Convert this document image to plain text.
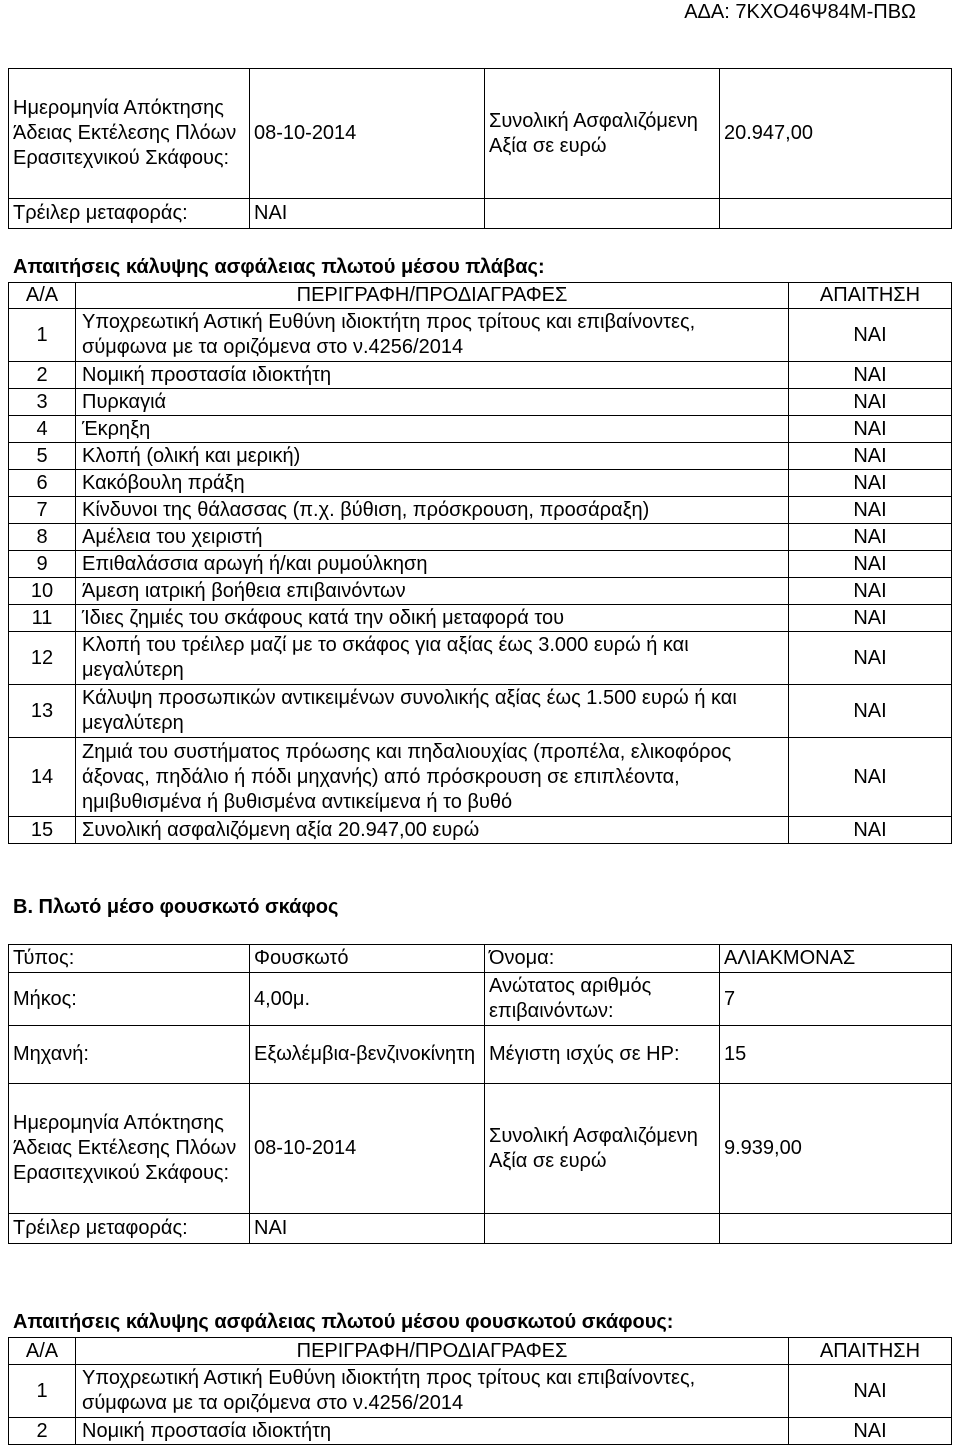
ΑΔΑ: 7ΚΧΟ46Ψ84Μ-ΠΒΩ
Ημερομηνία Απόκτησης Άδειας Εκτέλεσης Πλόων Ερασιτεχνικού Σκάφους:	08-10-2014	Συνολική Ασφαλιζόμενη Αξία σε ευρώ	20.947,00
Τρέιλερ μεταφοράς:	ΝΑΙ		
Απαιτήσεις κάλυψης ασφάλειας πλωτού μέσου πλάβας:
Α/Α	ΠΕΡΙΓΡΑΦΗ/ΠΡΟΔΙΑΓΡΑΦΕΣ	ΑΠΑΙΤΗΣΗ
1	Υποχρεωτική Αστική Ευθύνη ιδιοκτήτη προς τρίτους και επιβαίνοντες, σύμφωνα με τα οριζόμενα στο ν.4256/2014	ΝΑΙ
2	Νομική προστασία ιδιοκτήτη	ΝΑΙ
3	Πυρκαγιά	ΝΑΙ
4	Έκρηξη	ΝΑΙ
5	Κλοπή (ολική και μερική)	ΝΑΙ
6	Κακόβουλη πράξη	ΝΑΙ
7	Κίνδυνοι της θάλασσας (π.χ. βύθιση, πρόσκρουση, προσάραξη)	ΝΑΙ
8	Αμέλεια του χειριστή	ΝΑΙ
9	Επιθαλάσσια αρωγή ή/και ρυμούλκηση	ΝΑΙ
10	Άμεση ιατρική βοήθεια επιβαινόντων	ΝΑΙ
11	Ίδιες ζημιές του σκάφους κατά την οδική μεταφορά του	ΝΑΙ
12	Κλοπή του τρέιλερ μαζί με το σκάφος για αξίας έως 3.000 ευρώ ή και μεγαλύτερη	ΝΑΙ
13	Κάλυψη προσωπικών αντικειμένων συνολικής αξίας έως 1.500 ευρώ ή και μεγαλύτερη	ΝΑΙ
14	Ζημιά του συστήματος πρόωσης και πηδαλιουχίας (προπέλα, ελικοφόρος άξονας, πηδάλιο ή πόδι μηχανής) από πρόσκρουση σε επιπλέοντα, ημιβυθισμένα ή βυθισμένα αντικείμενα ή το βυθό	ΝΑΙ
15	Συνολική ασφαλιζόμενη αξία 20.947,00 ευρώ	ΝΑΙ
Β. Πλωτό μέσο φουσκωτό σκάφος
Τύπος:	Φουσκωτό	Όνομα:	ΑΛΙΑΚΜΟΝΑΣ
Μήκος:	4,00μ.	Ανώτατος αριθμός επιβαινόντων:	7
Μηχανή:	Εξωλέμβια-βενζινοκίνητη	Μέγιστη ισχύς σε HP:	15
Ημερομηνία Απόκτησης Άδειας Εκτέλεσης Πλόων Ερασιτεχνικού Σκάφους:	08-10-2014	Συνολική Ασφαλιζόμενη Αξία σε ευρώ	9.939,00
Τρέιλερ μεταφοράς:	ΝΑΙ		
Απαιτήσεις κάλυψης ασφάλειας πλωτού μέσου φουσκωτού σκάφους:
Α/Α	ΠΕΡΙΓΡΑΦΗ/ΠΡΟΔΙΑΓΡΑΦΕΣ	ΑΠΑΙΤΗΣΗ
1	Υποχρεωτική Αστική Ευθύνη ιδιοκτήτη προς τρίτους και επιβαίνοντες, σύμφωνα με τα οριζόμενα στο ν.4256/2014	ΝΑΙ
2	Νομική προστασία ιδιοκτήτη	ΝΑΙ
